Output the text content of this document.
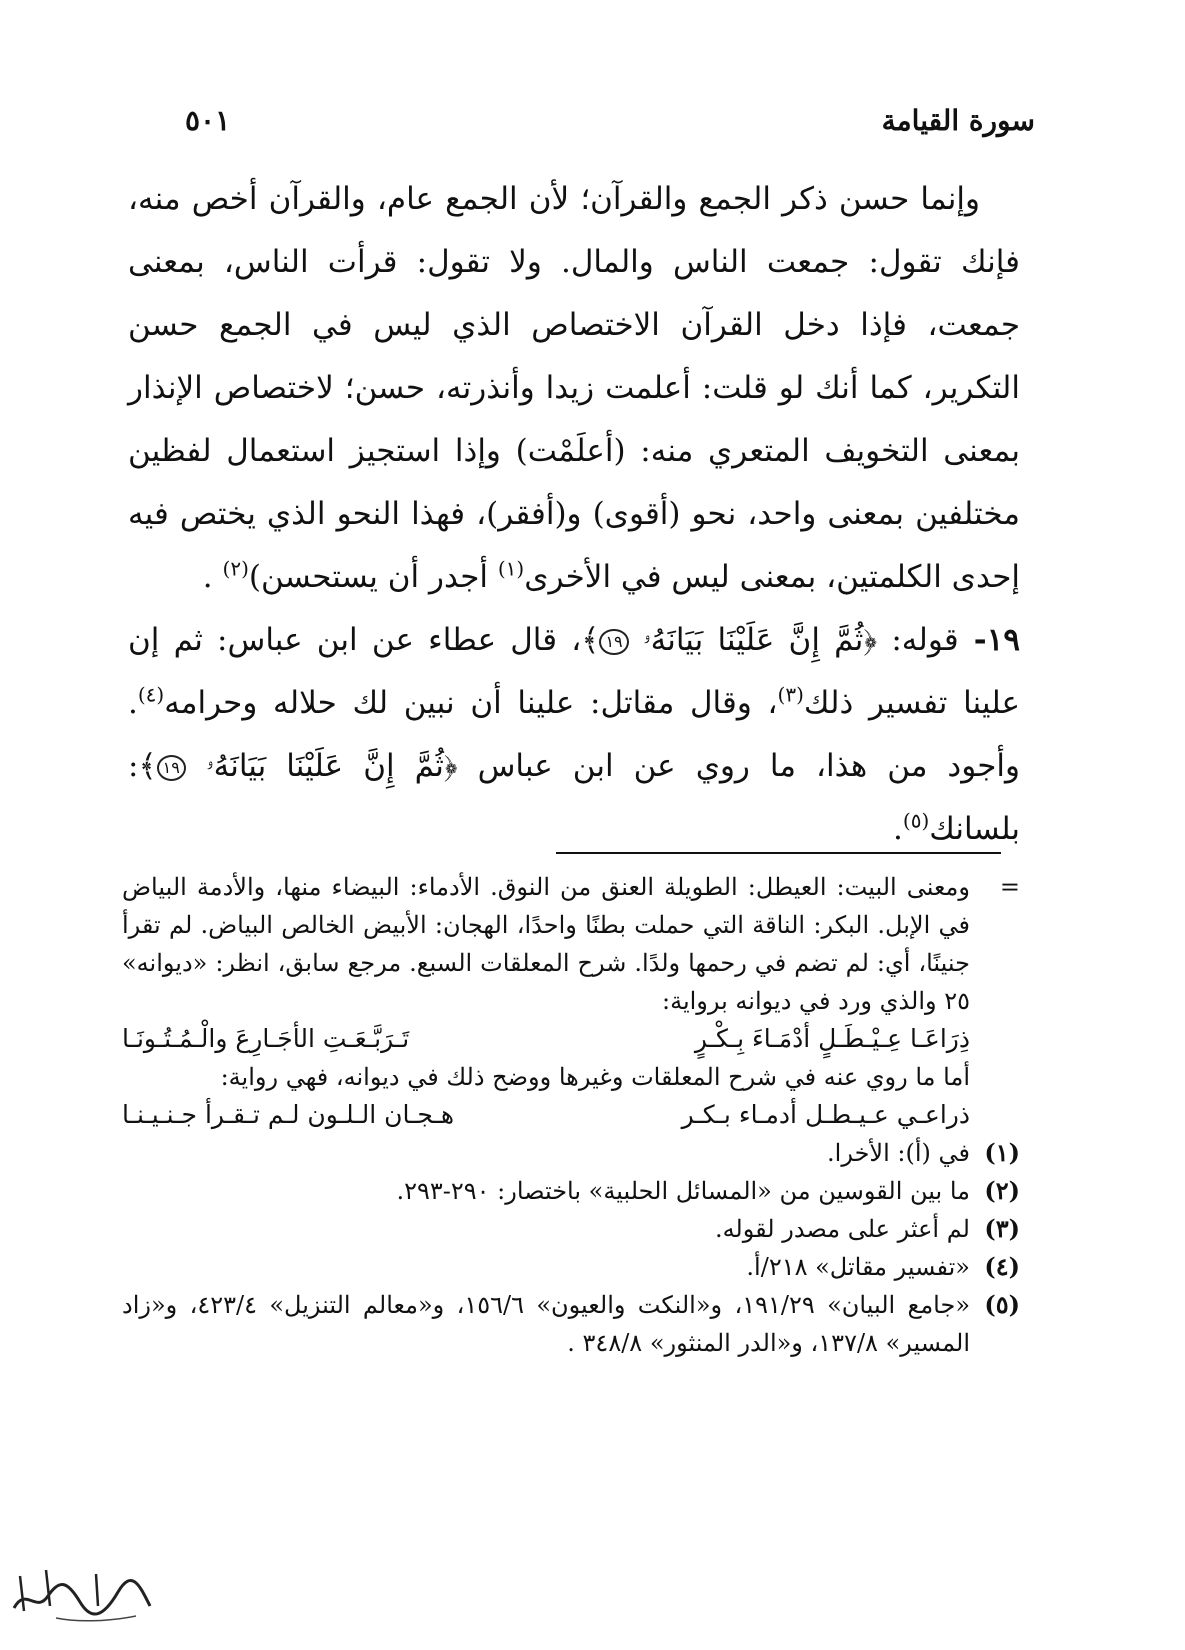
سورة القيامة
٥٠١

وإنما حسن ذكر الجمع والقرآن؛ لأن الجمع عام، والقرآن أخص منه، فإنك تقول: جمعت الناس والمال. ولا تقول: قرأت الناس، بمعنى جمعت، فإذا دخل القرآن الاختصاص الذي ليس في الجمع حسن التكرير، كما أنك لو قلت: أعلمت زيدا وأنذرته، حسن؛ لاختصاص الإنذار بمعنى التخويف المتعري منه: (أعلَمْت) وإذا استجيز استعمال لفظين مختلفين بمعنى واحد، نحو (أقوى) و(أفقر)، فهذا النحو الذي يختص فيه إحدى الكلمتين، بمعنى ليس في الأخرى$^{(١)}$ أجدر أن يستحسن)$^{(٢)}$ .

١٩- قوله: ﴿ثُمَّ إِنَّ عَلَيْنَا بَيَانَهُۥ ١٩﴾، قال عطاء عن ابن عباس: ثم إن علينا تفسير ذلك$^{(٣)}$، وقال مقاتل: علينا أن نبين لك حلاله وحرامه$^{(٤)}$. وأجود من هذا، ما روي عن ابن عباس ﴿ثُمَّ إِنَّ عَلَيْنَا بَيَانَهُۥ ١٩﴾: بلسانك$^{(٥)}$.

=
ومعنى البيت: العيطل: الطويلة العنق من النوق. الأدماء: البيضاء منها، والأدمة البياض في الإبل. البكر: الناقة التي حملت بطنًا واحدًا، الهجان: الأبيض الخالص البياض. لم تقرأ جنينًا، أي: لم تضم في رحمها ولدًا. شرح المعلقات السبع. مرجع سابق، انظر: «ديوانه» ٢٥ والذي ورد في ديوانه برواية:

ذِرَاعَـا عِـيْـطَـلٍ أدْمَـاءَ بِـكْـرٍ
تَـرَبَّـعَـتِ الأجَـارِعَ والْـمُـتُـونَـا

أما ما روي عنه في شرح المعلقات وغيرها ووضح ذلك في ديوانه، فهي رواية:

ذراعـي عـيـطـل أدمـاء بـكـر
هـجـان الـلـون لـم تـقـرأ جـنـيـنـا
(١)
في (أ): الأخرا.
(٢)
ما بين القوسين من «المسائل الحلبية» باختصار: ٢٩٠-٢٩٣.
(٣)
لم أعثر على مصدر لقوله.
(٤)
«تفسير مقاتل» ٢١٨/أ.
(٥)
«جامع البيان» ١٩١/٢٩، و«النكت والعيون» ١٥٦/٦، و«معالم التنزيل» ٤٢٣/٤، و«زاد المسير» ١٣٧/٨، و«الدر المنثور» ٣٤٨/٨ .
